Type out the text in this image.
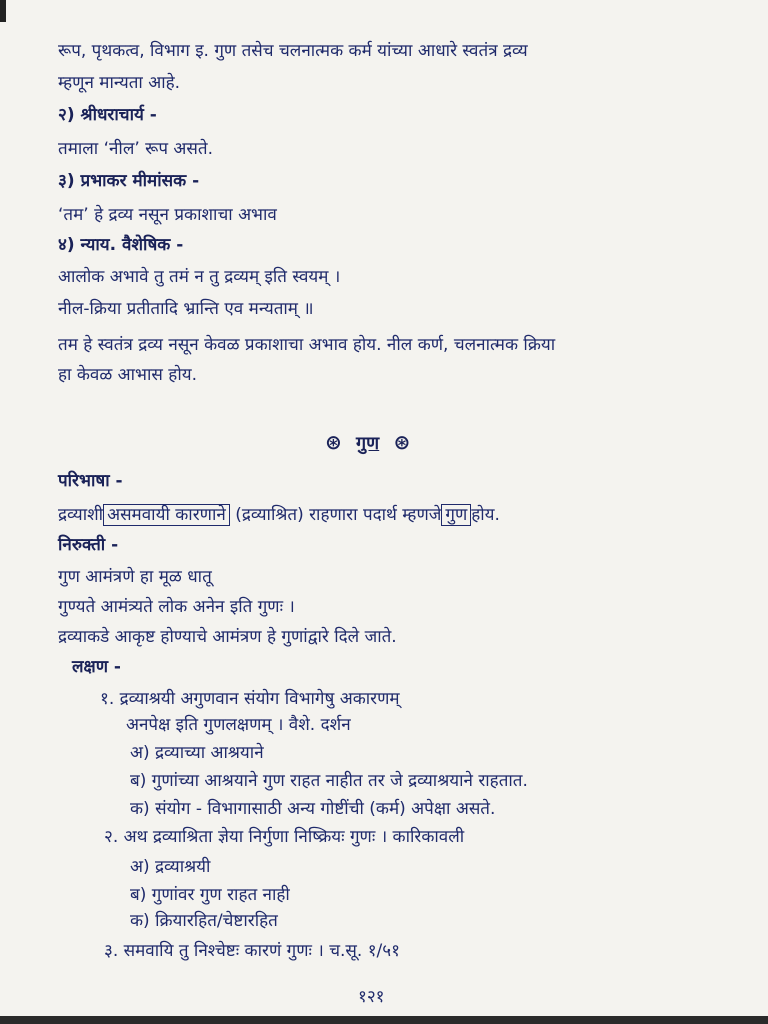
रूप, पृथकत्व, विभाग इ. गुण तसेच चलनात्मक कर्म यांच्या आधारे स्वतंत्र द्रव्य
म्हणून मान्यता आहे.
२) श्रीधराचार्य -
तमाला ‘नील’ रूप असते.
३) प्रभाकर मीमांसक -
‘तम’ हे द्रव्य नसून प्रकाशाचा अभाव
४) न्याय. वैशेषिक -
आलोक अभावे तु तमं न तु द्रव्यम् इति स्वयम् ।
नील-क्रिया प्रतीतादि भ्रान्ति एव मन्यताम् ॥
तम हे स्वतंत्र द्रव्य नसून केवळ प्रकाशाचा अभाव होय. नील कर्ण, चलनात्मक क्रिया
हा केवळ आभास होय.
⊛ गुण ⊛
परिभाषा -
द्रव्याशी असमवायी कारणाने (द्रव्याश्रित) राहणारा पदार्थ म्हणजे गुण होय.
निरुक्ती -
गुण आमंत्रणे हा मूळ धातू
गुण्यते आमंत्र्यते लोक अनेन इति गुणः ।
द्रव्याकडे आकृष्ट होण्याचे आमंत्रण हे गुणांद्वारे दिले जाते.
लक्षण -
१. द्रव्याश्रयी अगुणवान संयोग विभागेषु अकारणम्
अनपेक्ष इति गुणलक्षणम् । वैशे. दर्शन
अ) द्रव्याच्या आश्रयाने
ब) गुणांच्या आश्रयाने गुण राहत नाहीत तर जे द्रव्याश्रयाने राहतात.
क) संयोग - विभागासाठी अन्य गोष्टींची (कर्म) अपेक्षा असते.
२. अथ द्रव्याश्रिता ज्ञेया निर्गुणा निष्क्रियः गुणः । कारिकावली
अ) द्रव्याश्रयी
ब) गुणांवर गुण राहत नाही
क) क्रियारहित/चेष्टारहित
३. समवायि तु निश्चेष्टः कारणं गुणः । च.सू. १/५१
१२१
